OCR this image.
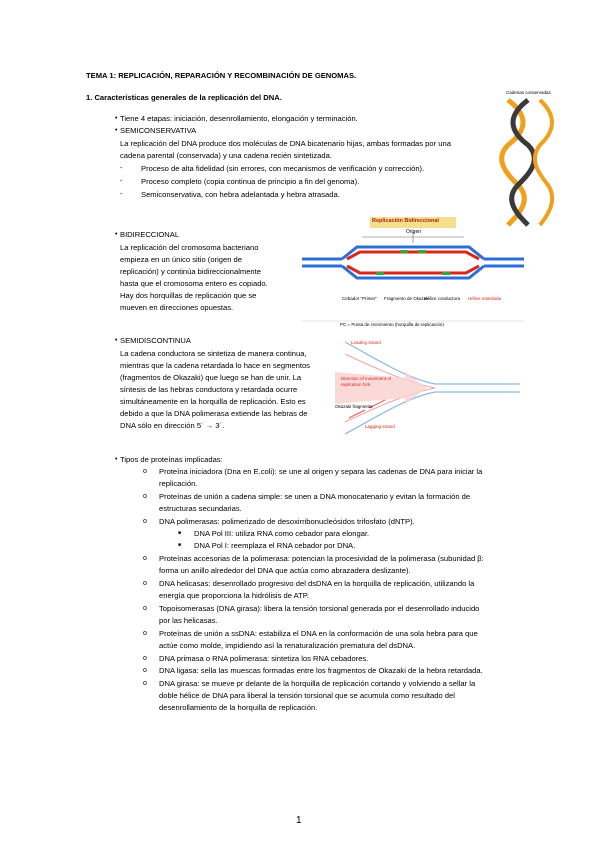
TEMA 1: REPLICACIÓN, REPARACIÓN Y RECOMBINACIÓN DE GENOMAS.
1. Características generales de la replicación del DNA.
• Tiene 4 etapas: iniciación, desenrollamiento, elongación y terminación.
• SEMICONSERVATIVA
La replicación del DNA produce dos moléculas de DNA bicatenario hijas, ambas formadas por una
cadena parental (conservada) y una cadena recién sintetizada.
- Proceso de alta fidelidad (sin errores, con mecanismos de verificación y corrección).
- Proceso completo (copia continua de principio a fin del genoma).
- Semiconservativa, con hebra adelantada y hebra atrasada.
Cadenas conservadas
• BIDIRECCIONAL
La replicación del cromosoma bacteriano
empieza en un único sitio (origen de
replicación) y continúa bidireccionalmente
hasta que el cromosoma entero es copiado.
Hay dos horquillas de replicación que se
mueven en direcciones opuestas.
Replicación Bidireccional
Origen
Cebador "Primer" Fragmento de Okazaki
Hélice conductora Hélice retardada
PC = Punta de crecimiento (horquilla de replicación)
• SEMIDISCONTINUA
La cadena conductora se sintetiza de manera continua,
mientras que la cadena retardada lo hace en segmentos
(fragmentos de Okazaki) que luego se han de unir. La
síntesis de las hebras conductora y retardada ocurre
simultáneamente en la horquilla de replicación. Esto es
debido a que la DNA polimerasa extiende las hebras de
DNA sólo en dirección 5´ → 3´.
Leading strand
Direction of movement of replication fork
Okazaki fragments
Lagging strand
• Tipos de proteínas implicadas:
o Proteína iniciadora (Dna en E.coli): se une al origen y separa las cadenas de DNA para iniciar la
replicación.
o Proteínas de unión a cadena simple: se unen a DNA monocatenario y evitan la formación de
estructuras secundarias.
o DNA polimerasas: polimerizado de desoxirribonucleósidos trifosfato (dNTP).
■ DNA Pol III: utiliza RNA como cebador para elongar.
■ DNA Pol I: reemplaza el RNA cebador por DNA.
o Proteínas accesorias de la polimerasa: potencian la procesividad de la polimerasa (subunidad β:
forma un anillo alrededor del DNA que actúa como abrazadera deslizante).
o DNA helicasas: desenrollado progresivo del dsDNA en la horquilla de replicación, utilizando la
energía que proporciona la hidrólisis de ATP.
o Topoisomerasas (DNA girasa): libera la tensión torsional generada por el desenrollado inducido
por las helicasas.
o Proteínas de unión a ssDNA: estabiliza el DNA en la conformación de una sola hebra para que
actúe como molde, impidiendo así la renaturalización prematura del dsDNA.
o DNA primasa o RNA polimerasa: sintetiza los RNA cebadores.
o DNA ligasa: sella las muescas formadas entre los fragmentos de Okazaki de la hebra retardada.
o DNA girasa: se mueve pr delante de la horquilla de replicación cortando y volviendo a sellar la
doble hélice de DNA para liberal la tensión torsional que se acumula como resultado del
desenrollamiento de la horquilla de replicación.
1
